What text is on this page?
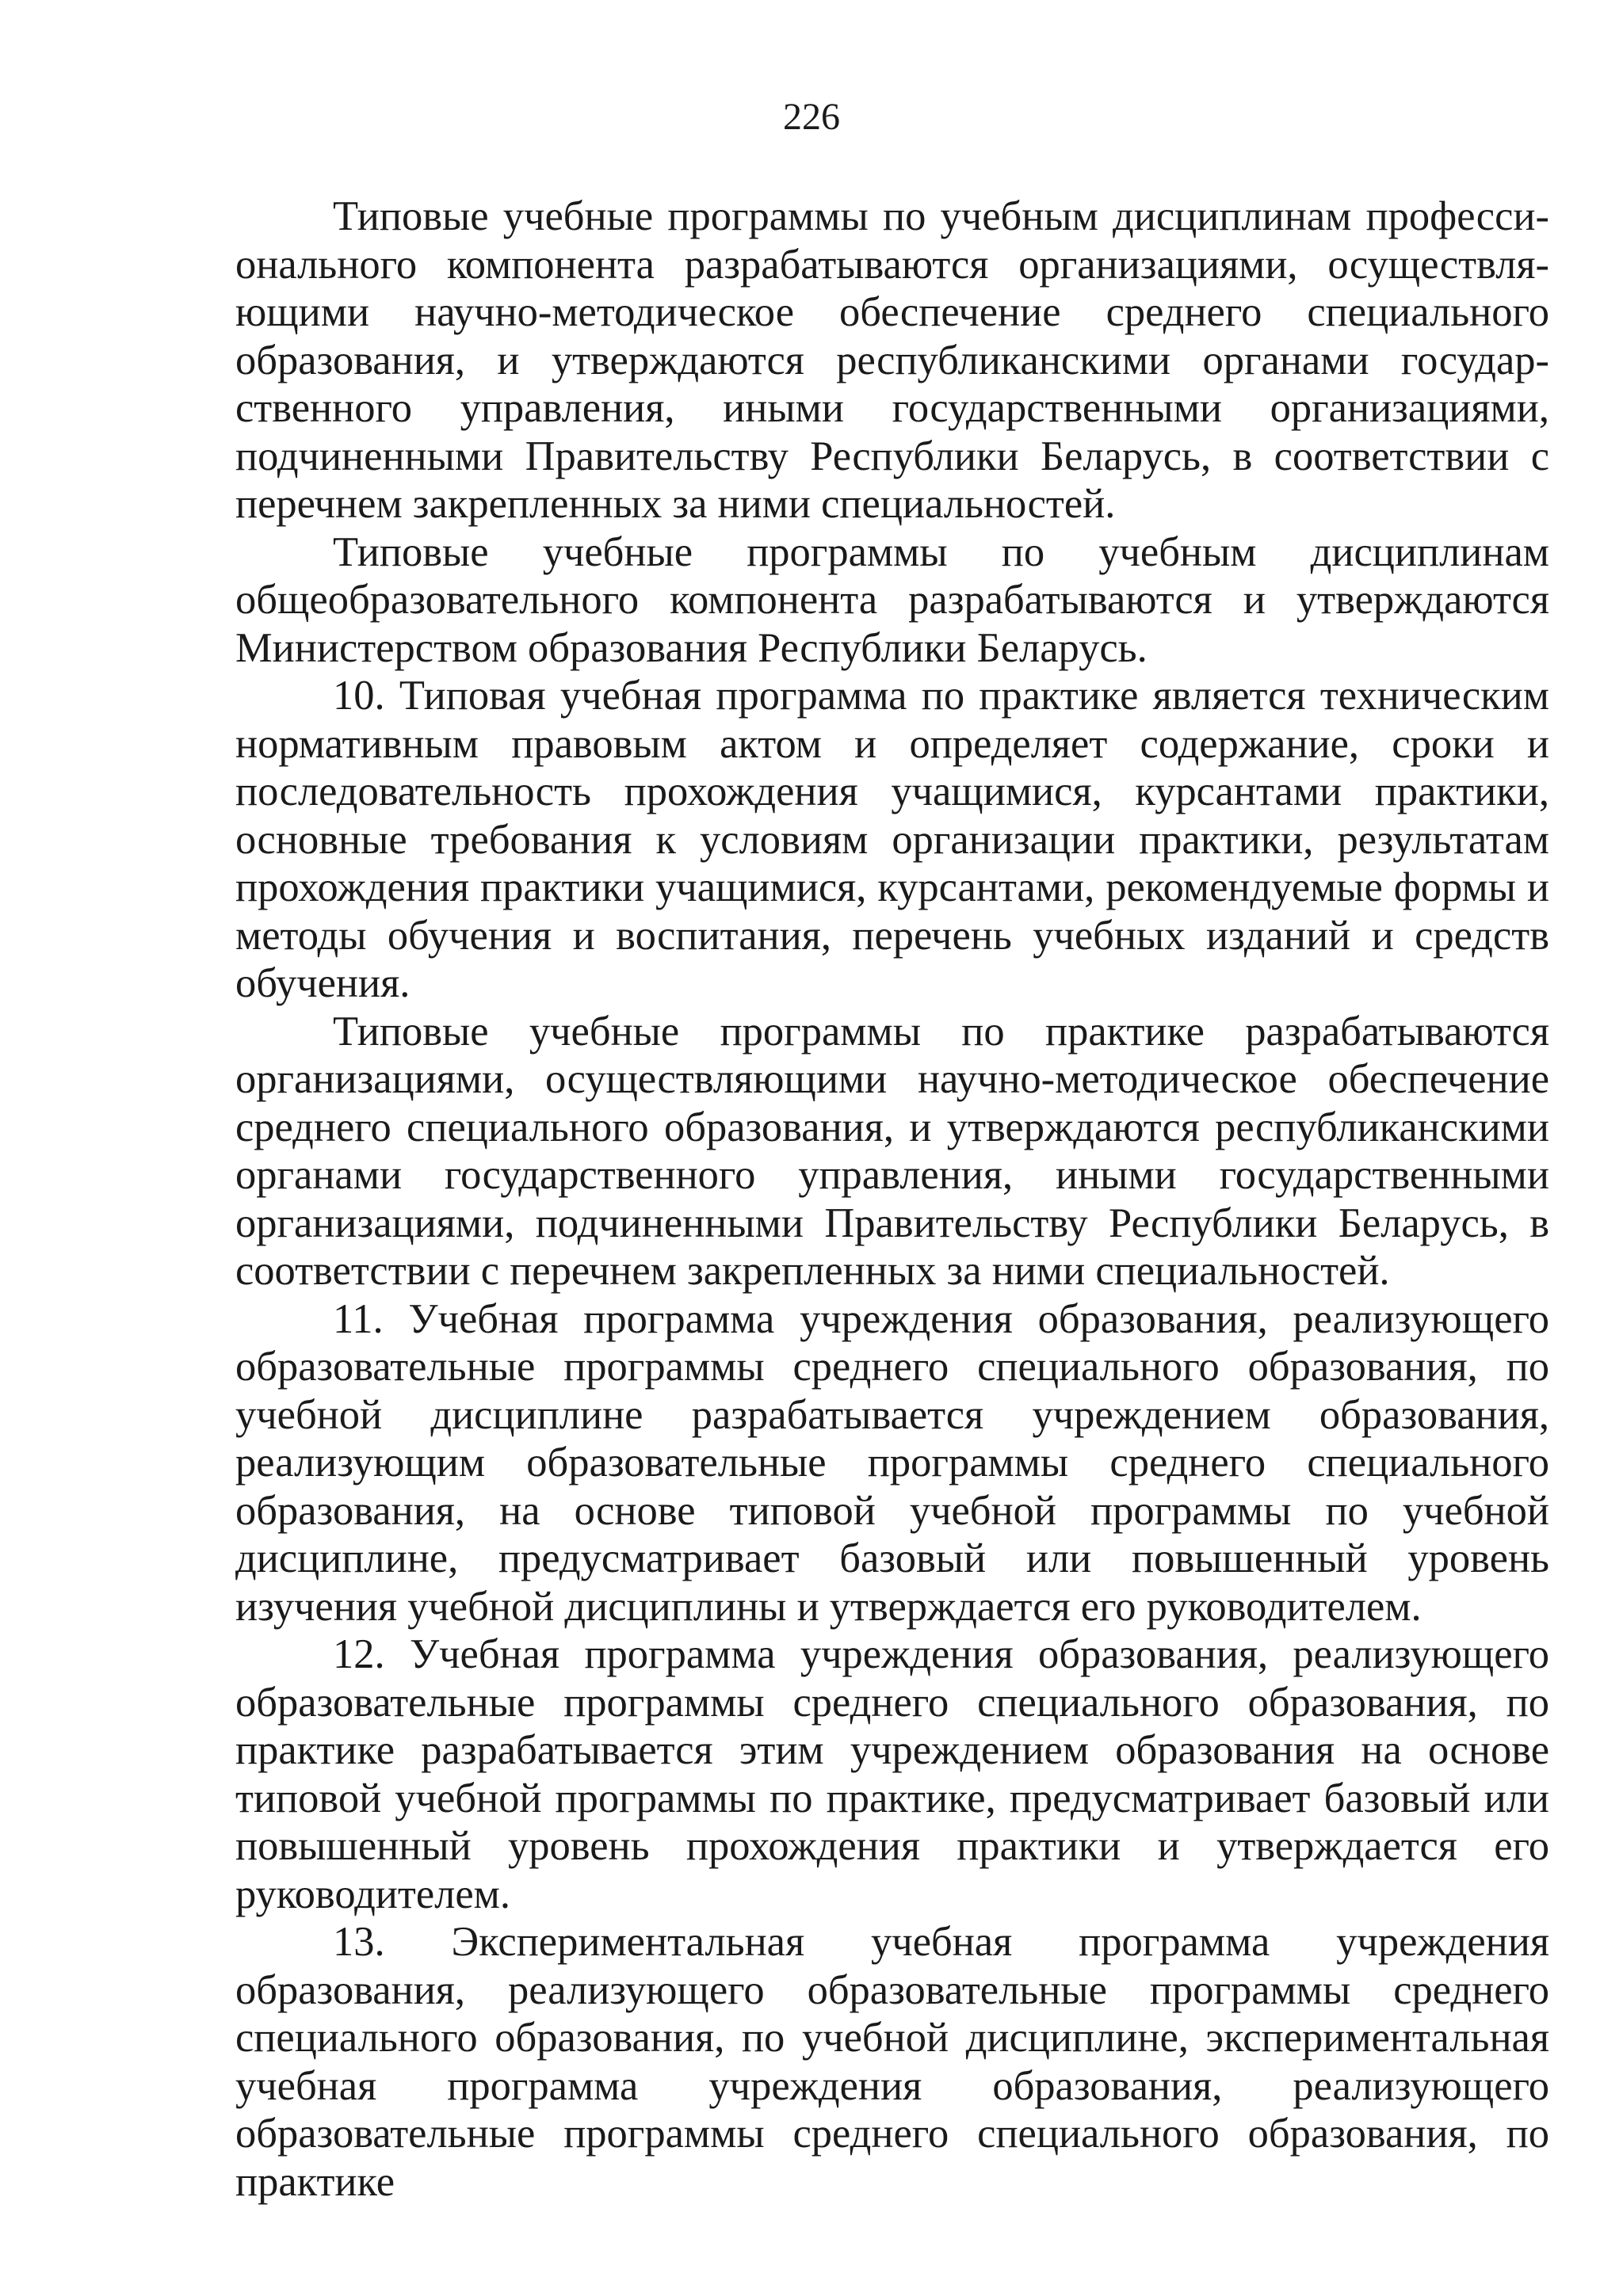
226

Типовые учебные программы по учебным дисциплинам профессионального компонента разрабатываются организациями, осуществляющими научно-методическое обеспечение среднего специального образования, и утверждаются республиканскими органами государственного управления, иными государственными организациями, подчиненными Правительству Республики Беларусь, в соответствии с перечнем закрепленных за ними специальностей.

Типовые учебные программы по учебным дисциплинам общеобразовательного компонента разрабатываются и утверждаются Министерством образования Республики Беларусь.

10. Типовая учебная программа по практике является техническим нормативным правовым актом и определяет содержание, сроки и последовательность прохождения учащимися, курсантами практики, основные требования к условиям организации практики, результатам прохождения практики учащимися, курсантами, рекомендуемые формы и методы обучения и воспитания, перечень учебных изданий и средств обучения.

Типовые учебные программы по практике разрабатываются организациями, осуществляющими научно-методическое обеспечение среднего специального образования, и утверждаются республиканскими органами государственного управления, иными государственными организациями, подчиненными Правительству Республики Беларусь, в соответствии с перечнем закрепленных за ними специальностей.

11. Учебная программа учреждения образования, реализующего образовательные программы среднего специального образования, по учебной дисциплине разрабатывается учреждением образования, реализующим образовательные программы среднего специального образования, на основе типовой учебной программы по учебной дисциплине, предусматривает базовый или повышенный уровень изучения учебной дисциплины и утверждается его руководителем.

12. Учебная программа учреждения образования, реализующего образовательные программы среднего специального образования, по практике разрабатывается этим учреждением образования на основе типовой учебной программы по практике, предусматривает базовый или повышенный уровень прохождения практики и утверждается его руководителем.

13. Экспериментальная учебная программа учреждения образования, реализующего образовательные программы среднего специального образования, по учебной дисциплине, экспериментальная учебная программа учреждения образования, реализующего образовательные программы среднего специального образования, по практике
